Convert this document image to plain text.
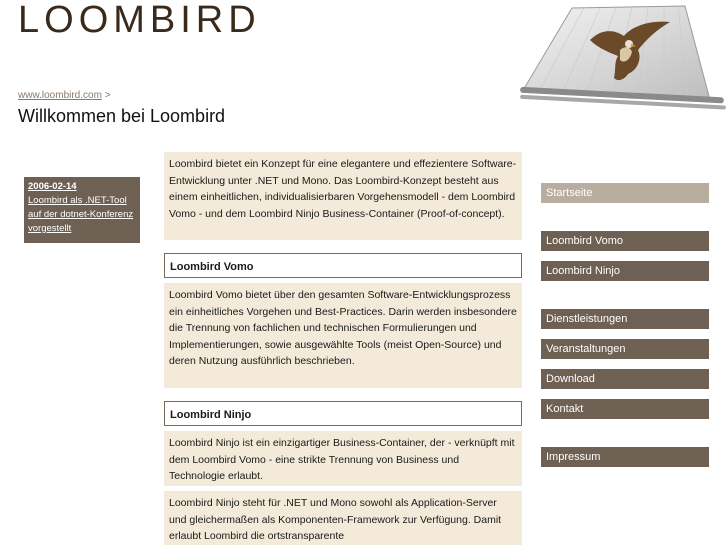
LOOMBIRD
www.loombird.com >
Willkommen bei Loombird
2006-02-14
Loombird als .NET-Tool auf der dotnet-Konferenz vorgestellt
Loombird bietet ein Konzept für eine elegantere und effezientere Software-Entwicklung unter .NET und Mono. Das Loombird-Konzept besteht aus einem einheitlichen, individualisierbaren Vorgehensmodell - dem Loombird Vomo - und dem Loombird Ninjo Business-Container (Proof-of-concept).
Loombird Vomo
Loombird Vomo bietet über den gesamten Software-Entwicklungsprozess ein einheitliches Vorgehen und Best-Practices. Darin werden insbesondere die Trennung von fachlichen und technischen Formulierungen und Implementierungen, sowie ausgewählte Tools (meist Open-Source) und deren Nutzung ausführlich beschrieben.
Loombird Ninjo
Loombird Ninjo ist ein einzigartiger Business-Container, der - verknüpft mit dem Loombird Vomo - eine strikte Trennung von Business und Technologie erlaubt.
Loombird Ninjo steht für .NET und Mono sowohl als Application-Server und gleichermaßen als Komponenten-Framework zur Verfügung. Damit erlaubt Loombird die ortstransparente
Startseite
Loombird Vomo
Loombird Ninjo
Dienstleistungen
Veranstaltungen
Download
Kontakt
Impressum
